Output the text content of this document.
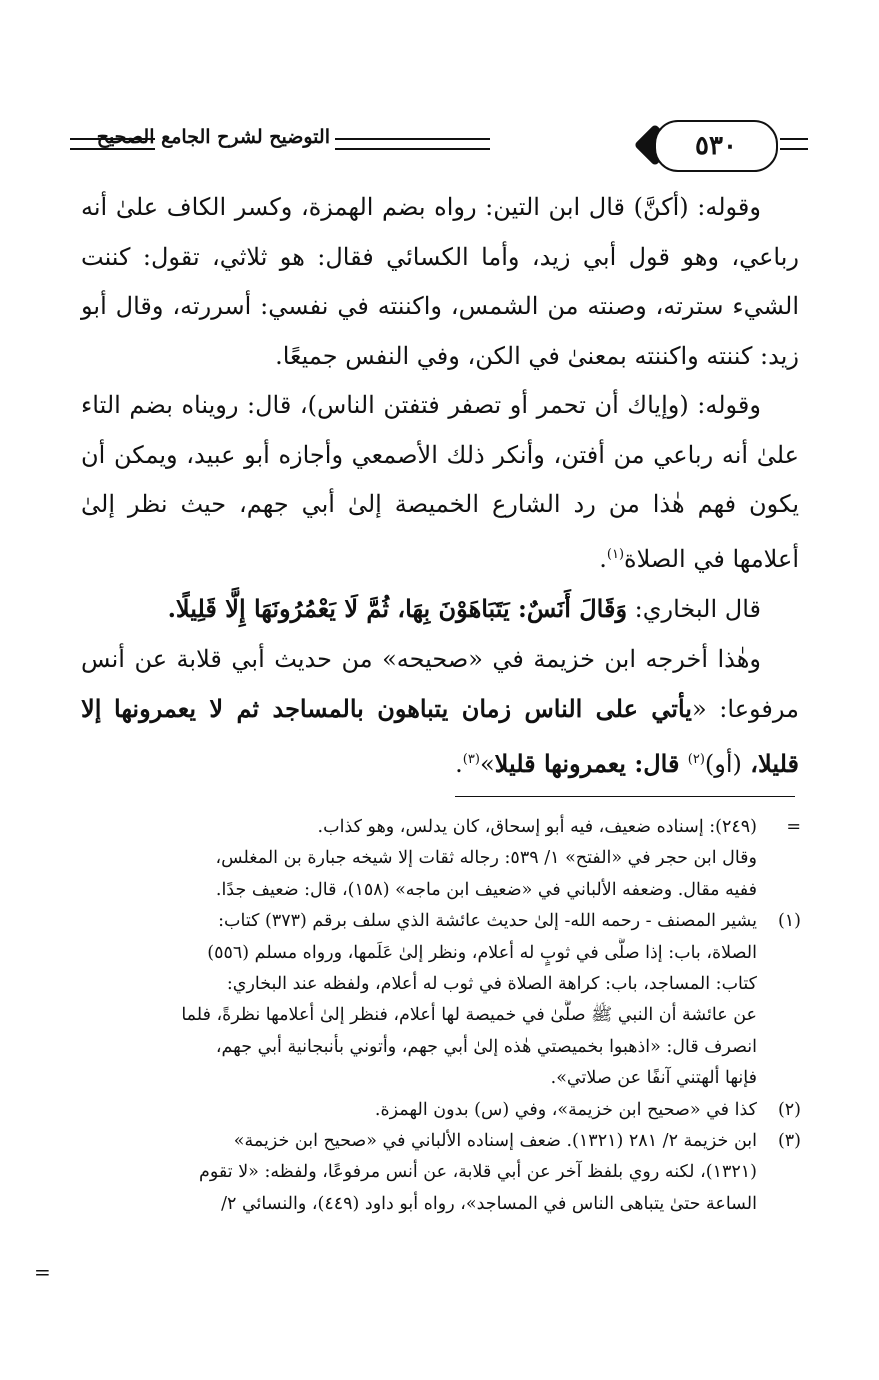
٥٣٠
التوضيح لشرح الجامع الصحيح

وقوله: (أكنَّ) قال ابن التين: رواه بضم الهمزة، وكسر الكاف علىٰ أنه رباعي، وهو قول أبي زيد، وأما الكسائي فقال: هو ثلاثي، تقول: كننت الشيء سترته، وصنته من الشمس، واكننته في نفسي: أسررته، وقال أبو زيد: كننته واكننته بمعنىٰ في الكن، وفي النفس جميعًا.

وقوله: (وإياك أن تحمر أو تصفر فتفتن الناس)، قال: رويناه بضم التاء علىٰ أنه رباعي من أفتن، وأنكر ذلك الأصمعي وأجازه أبو عبيد، ويمكن أن يكون فهم هٰذا من رد الشارع الخميصة إلىٰ أبي جهم، حيث نظر إلىٰ أعلامها في الصلاة$^{(١)}$.

قال البخاري: وَقَالَ أَنَسٌ: يَتَبَاهَوْنَ بِهَا، ثُمَّ لَا يَعْمُرُونَهَا إِلَّا قَلِيلًا.

وهٰذا أخرجه ابن خزيمة في «صحيحه» من حديث أبي قلابة عن أنس مرفوعا: «يأتي على الناس زمان يتباهون بالمساجد ثم لا يعمرونها إلا قليلا، (أو)$^{(٢)}$ قال: يعمرونها قليلا»$^{(٣)}$.

=
(٢٤٩): إسناده ضعيف، فيه أبو إسحاق، كان يدلس، وهو كذاب.
وقال ابن حجر في «الفتح» ١/ ٥٣٩: رجاله ثقات إلا شيخه جبارة بن المغلس،
ففيه مقال. وضعفه الألباني في «ضعيف ابن ماجه» (١٥٨)، قال: ضعيف جدًا.
(١)
يشير المصنف - رحمه الله- إلىٰ حديث عائشة الذي سلف برقم (٣٧٣) كتاب:
الصلاة، باب: إذا صلَّى في ثوبٍ له أعلام، ونظر إلىٰ عَلَمها، ورواه مسلم (٥٥٦)
كتاب: المساجد، باب: كراهة الصلاة في ثوب له أعلام، ولفظه عند البخاري:
عن عائشة أن النبي ﷺ صلَّىٰ في خميصة لها أعلام، فنظر إلىٰ أعلامها نظرةً، فلما
انصرف قال: «اذهبوا بخميصتي هٰذه إلىٰ أبي جهم، وأتوني بأنبجانية أبي جهم،
فإنها ألهتني آنفًا عن صلاتي».
(٢)
كذا في «صحيح ابن خزيمة»، وفي (س) بدون الهمزة.
(٣)
ابن خزيمة ٢/ ٢٨١ (١٣٢١). ضعف إسناده الألباني في «صحيح ابن خزيمة»
(١٣٢١)، لكنه روي بلفظ آخر عن أبي قلابة، عن أنس مرفوعًا، ولفظه: «لا تقوم
الساعة حتىٰ يتباهى الناس في المساجد»، رواه أبو داود (٤٤٩)، والنسائي ٢/
=
